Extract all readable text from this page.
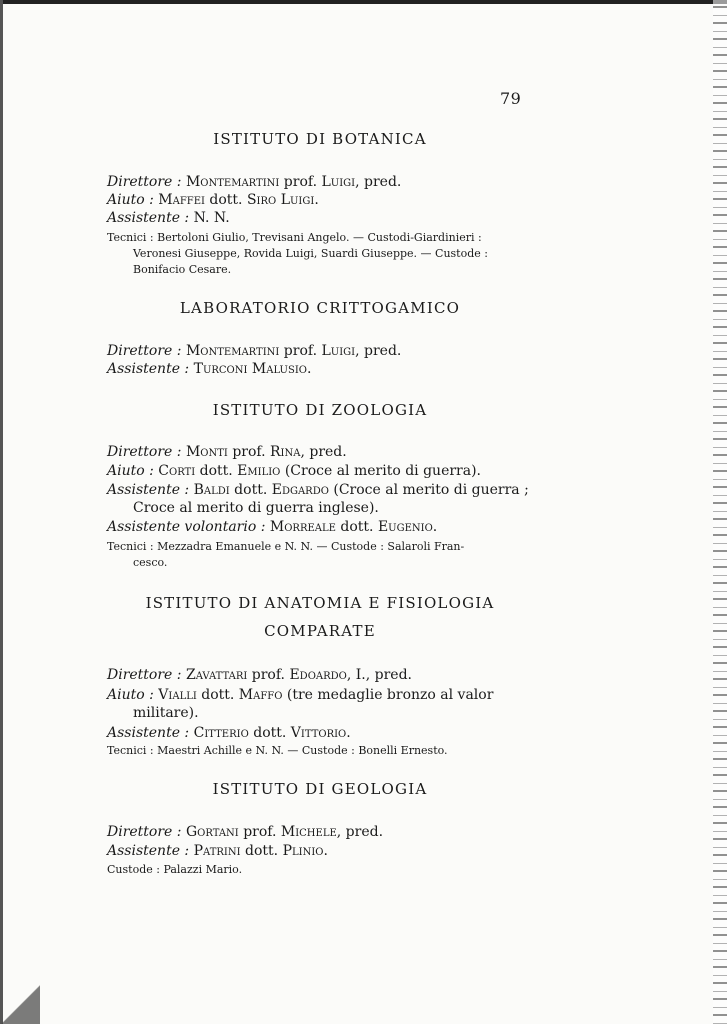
79
ISTITUTO DI BOTANICA
Direttore : Montemartini prof. Luigi, pred.
Aiuto : Maffei dott. Siro Luigi.
Assistente : N. N.
Tecnici : Bertoloni Giulio, Trevisani Angelo. — Custodi-Giardinieri :
Veronesi Giuseppe, Rovida Luigi, Suardi Giuseppe. — Custode :
Bonifacio Cesare.
LABORATORIO CRITTOGAMICO
Direttore : Montemartini prof. Luigi, pred.
Assistente : Turconi Malusio.
ISTITUTO DI ZOOLOGIA
Direttore : Monti prof. Rina, pred.
Aiuto : Corti dott. Emilio (Croce al merito di guerra).
Assistente : Baldi dott. Edgardo (Croce al merito di guerra ;
Croce al merito di guerra inglese).
Assistente volontario : Morreale dott. Eugenio.
Tecnici : Mezzadra Emanuele e N. N. — Custode : Salaroli Fran-
cesco.
ISTITUTO DI ANATOMIA E FISIOLOGIA
COMPARATE
Direttore : Zavattari prof. Edoardo, I., pred.
Aiuto : Vialli dott. Maffo (tre medaglie bronzo al valor
militare).
Assistente : Citterio dott. Vittorio.
Tecnici : Maestri Achille e N. N. — Custode : Bonelli Ernesto.
ISTITUTO DI GEOLOGIA
Direttore : Gortani prof. Michele, pred.
Assistente : Patrini dott. Plinio.
Custode : Palazzi Mario.
